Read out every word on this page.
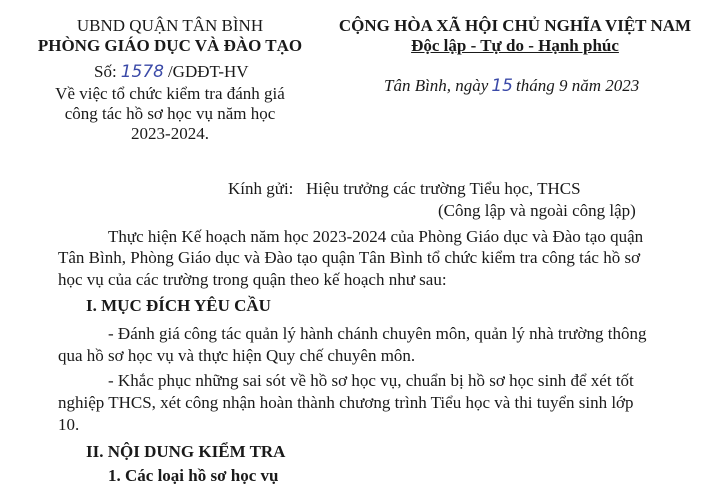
UBND QUẬN TÂN BÌNH
PHÒNG GIÁO DỤC VÀ ĐÀO TẠO
Số: 1578 /GDĐT-HV
Về việc tổ chức kiểm tra đánh giá
công tác hồ sơ học vụ năm học
2023-2024.
CỘNG HÒA XÃ HỘI CHỦ NGHĨA VIỆT NAM
Độc lập - Tự do - Hạnh phúc
Tân Bình, ngày 15 tháng 9 năm 2023
Kính gửi: Hiệu trưởng các trường Tiểu học, THCS
(Công lập và ngoài công lập)
Thực hiện Kế hoạch năm học 2023-2024 của Phòng Giáo dục và Đào tạo quận
Tân Bình, Phòng Giáo dục và Đào tạo quận Tân Bình tổ chức kiểm tra công tác hồ sơ
học vụ của các trường trong quận theo kế hoạch như sau:
I. MỤC ĐÍCH YÊU CẦU
- Đánh giá công tác quản lý hành chánh chuyên môn, quản lý nhà trường thông
qua hồ sơ học vụ và thực hiện Quy chế chuyên môn.
- Khắc phục những sai sót về hồ sơ học vụ, chuẩn bị hồ sơ học sinh để xét tốt
nghiệp THCS, xét công nhận hoàn thành chương trình Tiểu học và thi tuyển sinh lớp
10.
II. NỘI DUNG KIỂM TRA
1. Các loại hồ sơ học vụ
